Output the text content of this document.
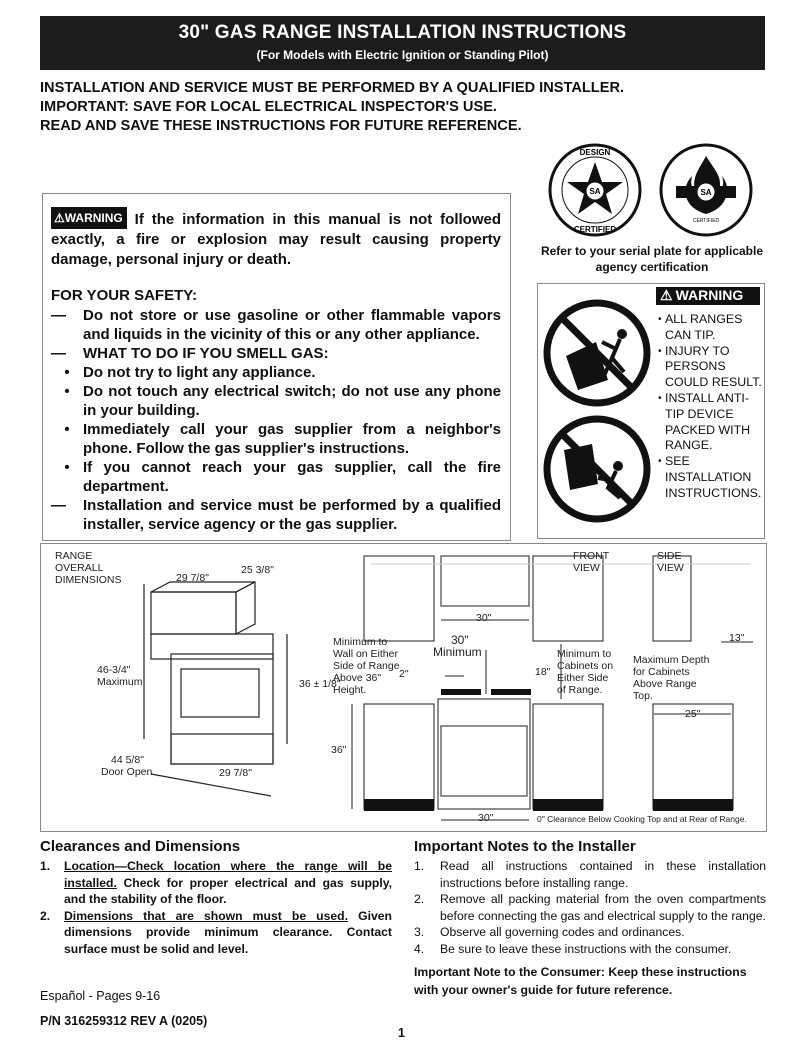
30" GAS RANGE INSTALLATION INSTRUCTIONS
(For Models with Electric Ignition or Standing Pilot)
INSTALLATION AND SERVICE MUST BE PERFORMED BY A QUALIFIED INSTALLER.
IMPORTANT: SAVE FOR LOCAL ELECTRICAL INSPECTOR'S USE.
READ AND SAVE THESE INSTRUCTIONS FOR FUTURE REFERENCE.
⚠WARNING If the information in this manual is not followed exactly, a fire or explosion may result causing property damage, personal injury or death.
FOR YOUR SAFETY:
—	Do not store or use gasoline or other flammable vapors and liquids in the vicinity of this or any other appliance.
—	WHAT TO DO IF YOU SMELL GAS:
• Do not try to light any appliance.
• Do not touch any electrical switch; do not use any phone in your building.
• Immediately call your gas supplier from a neighbor's phone. Follow the gas supplier's instructions.
• If you cannot reach your gas supplier, call the fire department.
—	Installation and service must be performed by a qualified installer, service agency or the gas supplier.
SA
DESIGN
CERTIFIED
SA
CERTIFIED
Refer to your serial plate for applicable agency certification
⚠ WARNING
• ALL RANGES CAN TIP.
• INJURY TO PERSONS COULD RESULT.
• INSTALL ANTI-TIP DEVICE PACKED WITH RANGE.
• SEE INSTALLATION INSTRUCTIONS.
RANGE OVERALL DIMENSIONS	29 7/8"
25 3/8"
46-3/4"
Maximum	36 ± 1/8"
44 5/8"
Door Open	29 7/8"
FRONT VIEW
SIDE VIEW
30"
30"
Minimum
Minimum to Wall on Either Side of Range Above 36" Height.
2"	18"
Minimum to Cabinets on Either Side of Range.
36"
30"	0" Clearance Below Cooking Top and at Rear of Range.
13"
Maximum Depth for Cabinets Above Range Top.
25"
Clearances and Dimensions
1.	Location—Check location where the range will be installed. Check for proper electrical and gas supply, and the stability of the floor.
2.	Dimensions that are shown must be used. Given dimensions provide minimum clearance. Contact surface must be solid and level.
Important Notes to the Installer
1.	Read all instructions contained in these installation instructions before installing range.
2.	Remove all packing material from the oven compartments before connecting the gas and electrical supply to the range.
3.	Observe all governing codes and ordinances.
4.	Be sure to leave these instructions with the consumer.
Important Note to the Consumer: Keep these instructions with your owner's guide for future reference.
Español - Pages 9-16
P/N 316259312 REV A (0205)
1
